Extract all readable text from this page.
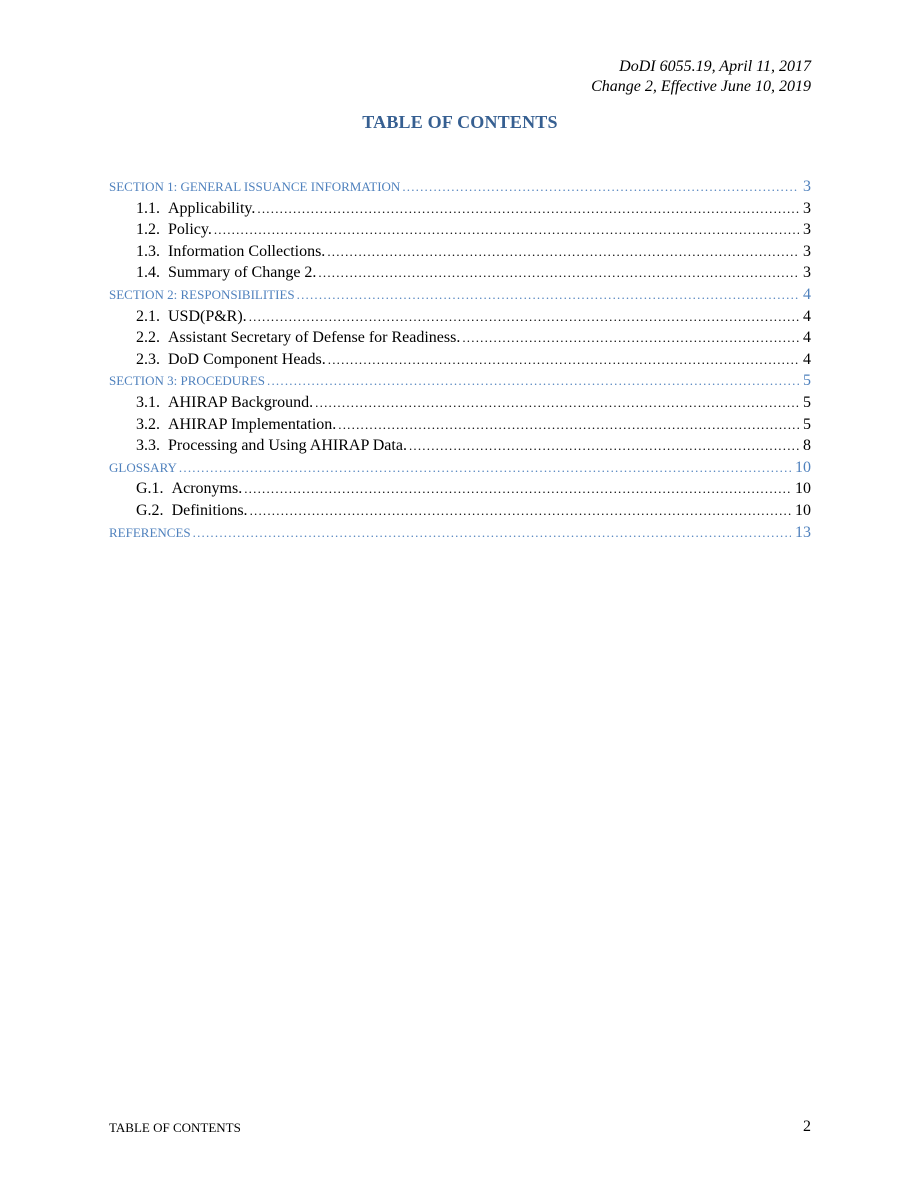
DoDI 6055.19, April 11, 2017
Change 2, Effective June 10, 2019
TABLE OF CONTENTS
SECTION 1: GENERAL ISSUANCE INFORMATION .....	3
1.1. Applicability. .....	3
1.2. Policy. .....	3
1.3. Information Collections. .....	3
1.4. Summary of Change 2. .....	3
SECTION 2: RESPONSIBILITIES .....	4
2.1. USD(P&R). .....	4
2.2. Assistant Secretary of Defense for Readiness. .....	4
2.3. DoD Component Heads. .....	4
SECTION 3: PROCEDURES .....	5
3.1. AHIRAP Background. .....	5
3.2. AHIRAP Implementation. .....	5
3.3. Processing and Using AHIRAP Data. .....	8
GLOSSARY .....	10
G.1. Acronyms. .....	10
G.2. Definitions. .....	10
REFERENCES .....	13
TABLE OF CONTENTS	2
